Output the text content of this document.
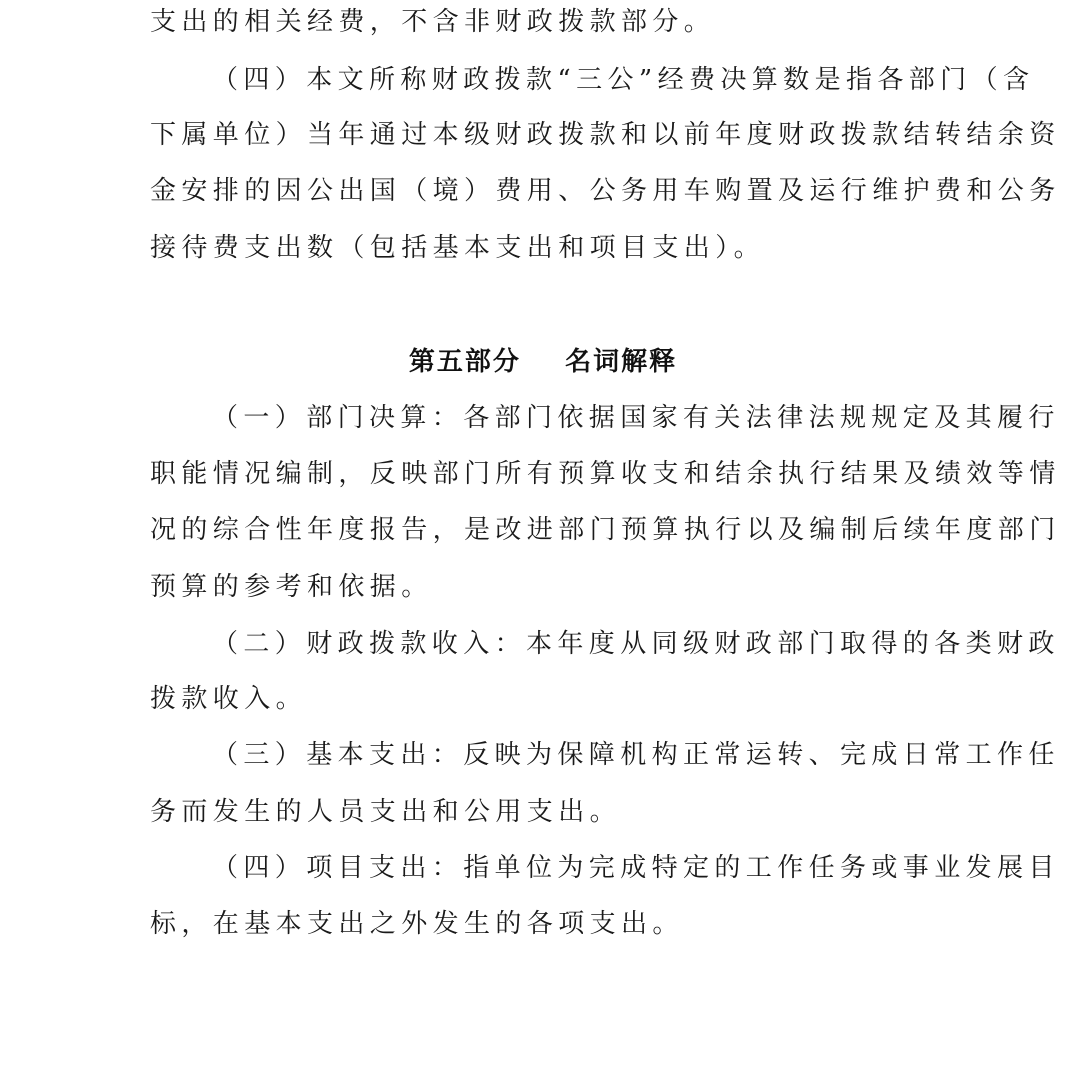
支出的相关经费，不含非财政拨款部分。
（四）本文所称财政拨款“三公”经费决算数是指各部门（含
下属单位）当年通过本级财政拨款和以前年度财政拨款结转结余资
金安排的因公出国（境）费用、公务用车购置及运行维护费和公务
接待费支出数（包括基本支出和项目支出）。
第五部分    名词解释
（一）部门决算：各部门依据国家有关法律法规规定及其履行
职能情况编制，反映部门所有预算收支和结余执行结果及绩效等情
况的综合性年度报告，是改进部门预算执行以及编制后续年度部门
预算的参考和依据。
（二）财政拨款收入：本年度从同级财政部门取得的各类财政
拨款收入。
（三）基本支出：反映为保障机构正常运转、完成日常工作任
务而发生的人员支出和公用支出。
（四）项目支出：指单位为完成特定的工作任务或事业发展目
标，在基本支出之外发生的各项支出。
